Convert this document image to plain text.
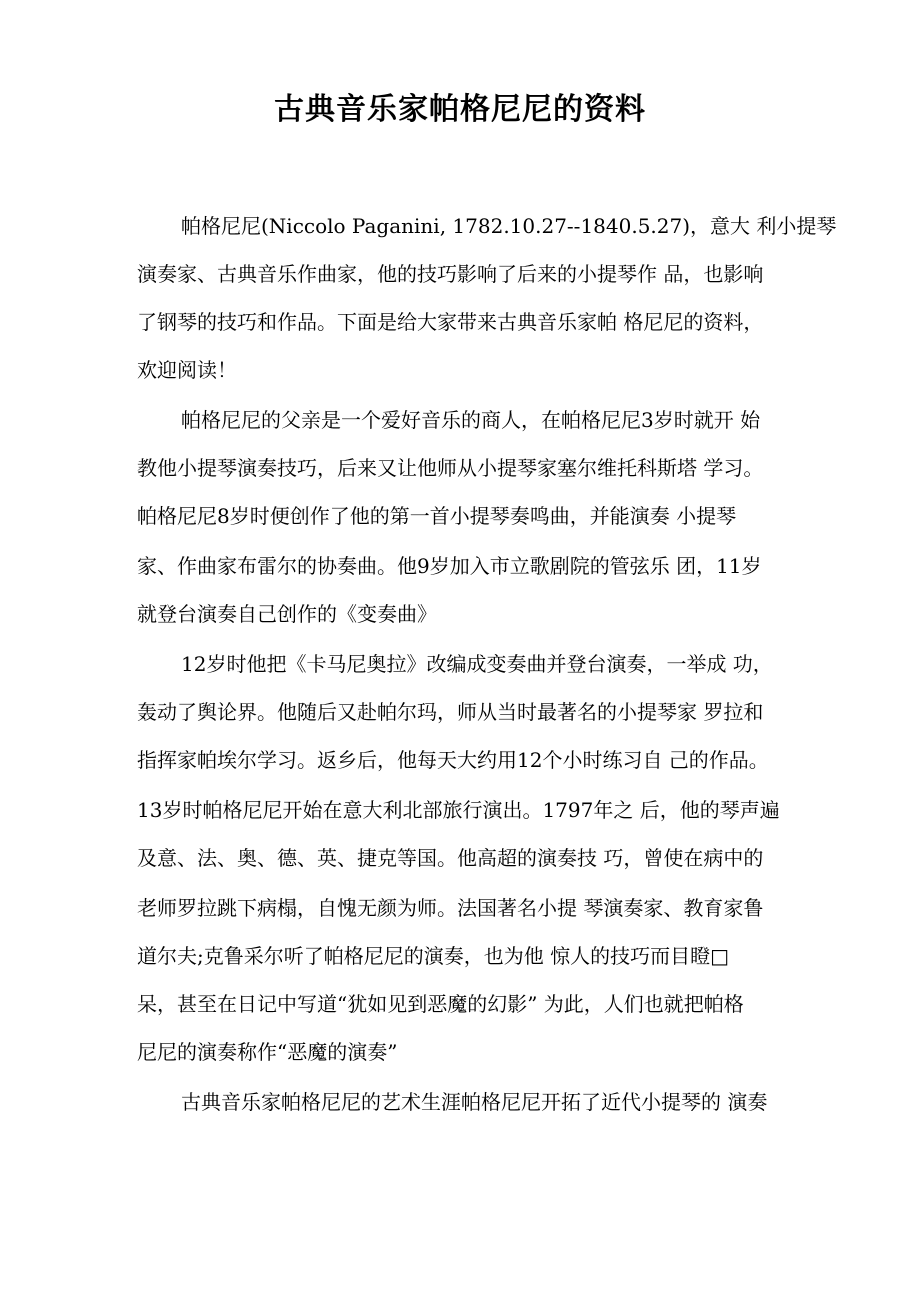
古典音乐家帕格尼尼的资料

帕格尼尼(Niccolo Paganini, 1782.10.27--1840.5.27)，意大 利小提琴

演奏家、古典音乐作曲家，他的技巧影响了后来的小提琴作 品，也影响

了钢琴的技巧和作品。下面是给大家带来古典音乐家帕 格尼尼的资料，

欢迎阅读！

帕格尼尼的父亲是一个爱好音乐的商人，在帕格尼尼3岁时就开 始

教他小提琴演奏技巧，后来又让他师从小提琴家塞尔维托科斯塔 学习。

帕格尼尼8岁时便创作了他的第一首小提琴奏鸣曲，并能演奏 小提琴

家、作曲家布雷尔的协奏曲。他9岁加入市立歌剧院的管弦乐 团，11岁

就登台演奏自己创作的《变奏曲》

12岁时他把《卡马尼奥拉》改编成变奏曲并登台演奏，一举成 功，

轰动了舆论界。他随后又赴帕尔玛，师从当时最著名的小提琴家 罗拉和

指挥家帕埃尔学习。返乡后，他每天大约用12个小时练习自 己的作品。

13岁时帕格尼尼开始在意大利北部旅行演出。1797年之 后，他的琴声遍

及意、法、奥、德、英、捷克等国。他高超的演奏技 巧，曾使在病中的

老师罗拉跳下病榻，自愧无颜为师。法国著名小提 琴演奏家、教育家鲁

道尔夫;克鲁采尔听了帕格尼尼的演奏，也为他 惊人的技巧而目瞪□

呆，甚至在日记中写道“犹如见到恶魔的幻影” 为此，人们也就把帕格

尼尼的演奏称作“恶魔的演奏”

古典音乐家帕格尼尼的艺术生涯帕格尼尼开拓了近代小提琴的 演奏
